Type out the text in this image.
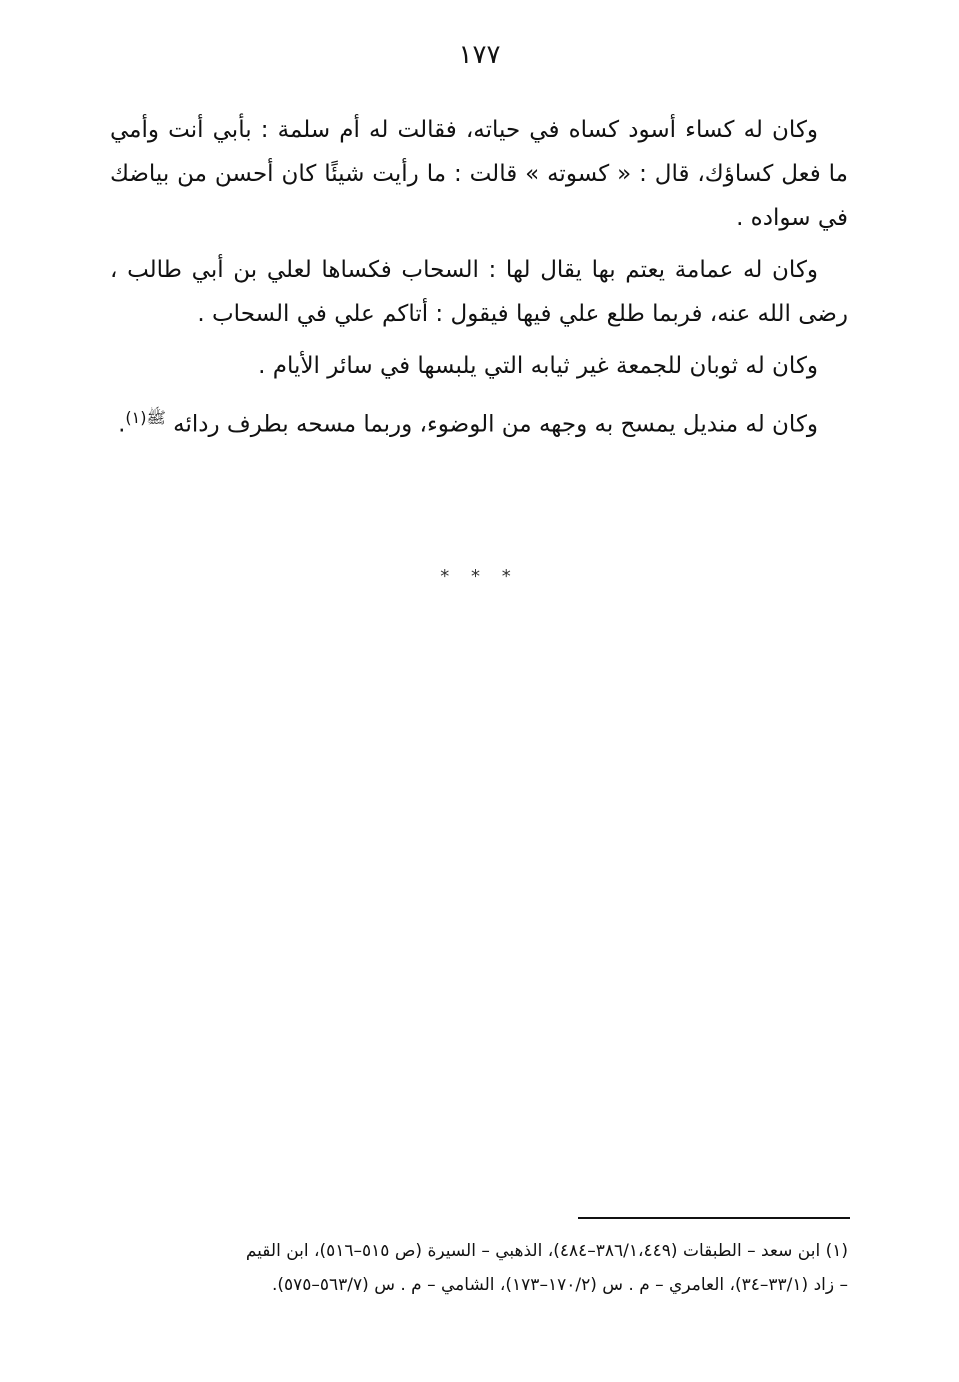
١٧٧

وكان له كساء أسود كساه في حياته، فقالت له أم سلمة : بأبي أنت وأمي ما فعل كساؤك، قال : « كسوته » قالت : ما رأيت شيئًا كان أحسن من بياضك في سواده .

وكان له عمامة يعتم بها يقال لها : السحاب فكساها لعلي بن أبي طالب ، رضى الله عنه، فربما طلع علي فيها فيقول : أتاكم علي في السحاب .

وكان له ثوبان للجمعة غير ثيابه التي يلبسها في سائر الأيام .

وكان له منديل يمسح به وجهه من الوضوء، وربما مسحه بطرف ردائه $^{ﷺ(١)}$.

* * *

(١) ابن سعد – الطبقات (٣٨٦/١،٤٤٩–٤٨٤)، الذهبي – السيرة (ص ٥١٥–٥١٦)، ابن القيم

– زاد (٣٣/١–٣٤)، العامري – م . س (١٧٠/٢–١٧٣)، الشامي – م . س (٥٦٣/٧–٥٧٥).
